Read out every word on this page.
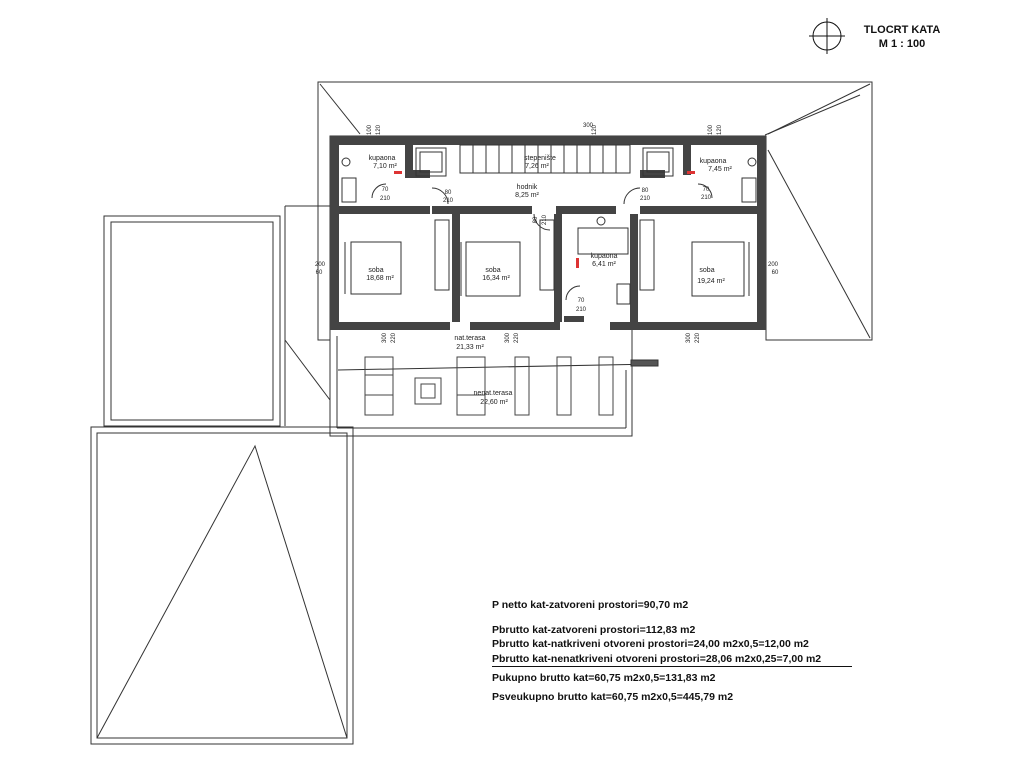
TLOCRT KATA
M 1 : 100
kupaona
7,10 m²
stepenište
7,26 m²
kupaona
7,45 m²
hodnik
8,25 m²
soba
18,68 m²
soba
16,34 m²
kupaona
6,41 m²
soba
19,24 m²
nat.terasa
21,33 m²
nenat.terasa
22,60 m²
100 120	300
120	100 120
70
210
80
210
80
210
70
210
80 210
70
210
200
60
200
60
300 220	300 220	300 220
P netto kat-zatvoreni prostori=90,70 m2
Pbrutto kat-zatvoreni prostori=112,83 m2
Pbrutto kat-natkriveni otvoreni prostori=24,00 m2x0,5=12,00 m2
Pbrutto kat-nenatkriveni otvoreni prostori=28,06 m2x0,25=7,00 m2
Pukupno brutto kat=60,75 m2x0,5=131,83 m2
Psveukupno brutto kat=60,75 m2x0,5=445,79 m2
